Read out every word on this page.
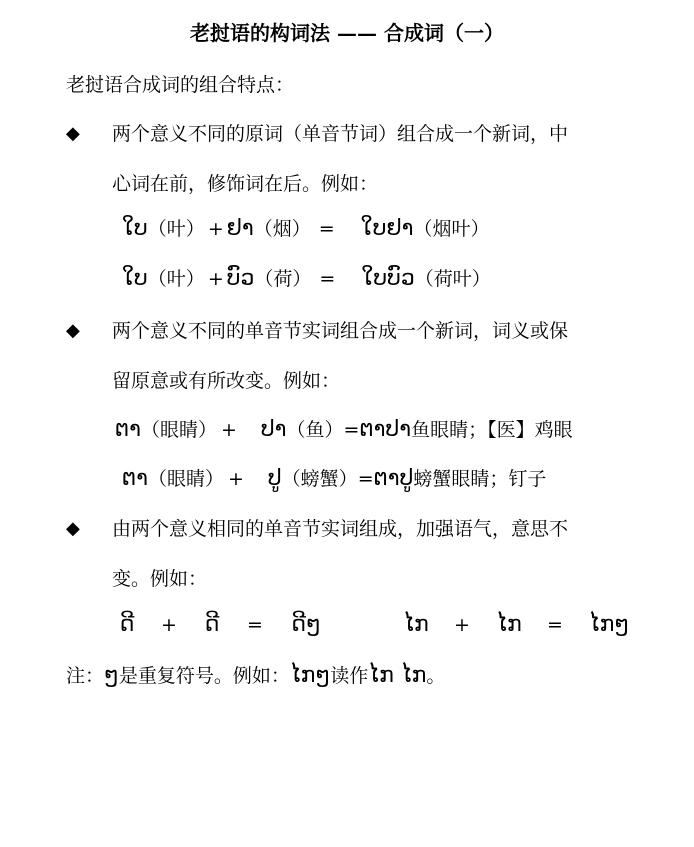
老挝语的构词法 —— 合成词（一）
老挝语合成词的组合特点：
◆ 两个意义不同的原词（单音节词）组合成一个新词，中
心词在前，修饰词在后。例如：
ໃບ （叶） + ຢາ （烟） = ໃບຢາ （烟叶）
ໃບ （叶） + ບົວ （荷） = ໃບບົວ （荷叶）
◆ 两个意义不同的单音节实词组合成一个新词，词义或保
留原意或有所改变。例如：
ຕາ （眼睛） + ປາ （鱼） = ຕາປາ 鱼眼睛；【医】鸡眼
ຕາ （眼睛） + ປູ （螃蟹） = ຕາປູ 螃蟹眼睛；钉子
◆ 由两个意义相同的单音节实词组成，加强语气，意思不
变。例如：
ດີ	+	ດີ	=	ດີໆ	ໄກ	+	ໄກ	=	ໄກໆ
注： ໆ 是重复符号。例如： ໄກໆ 读作 ໄກ ໄກ 。
